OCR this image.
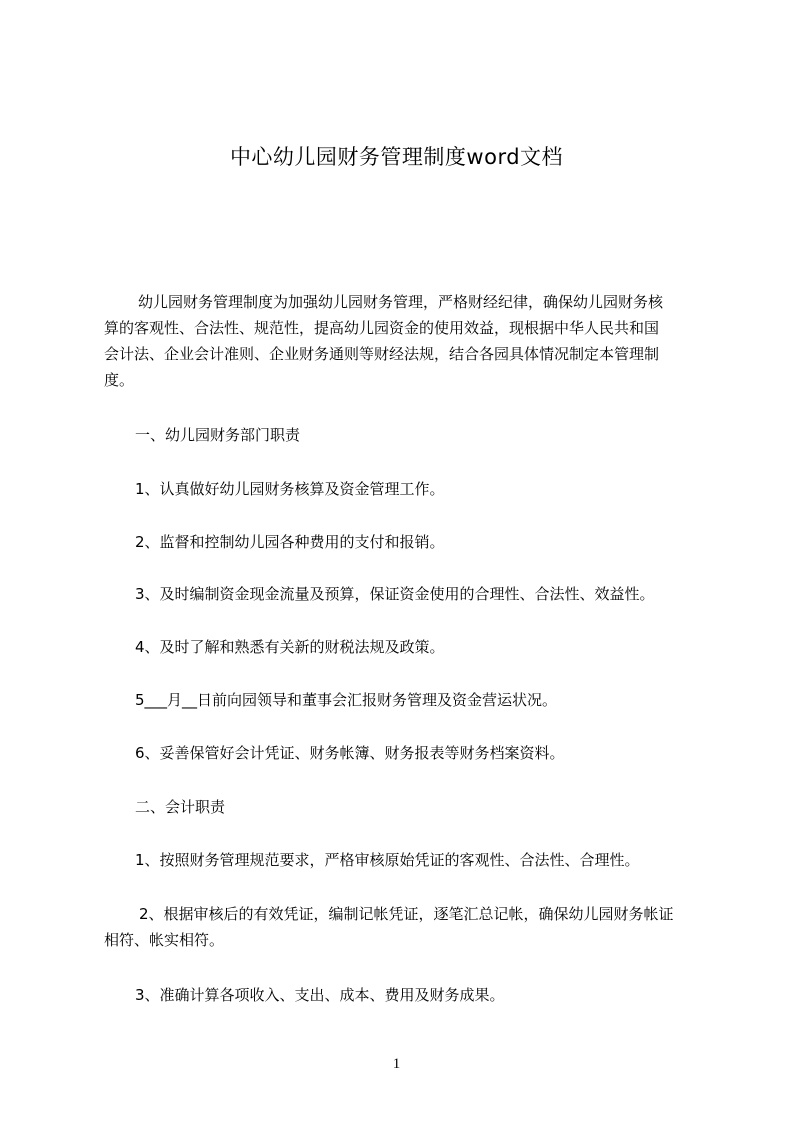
中心幼儿园财务管理制度word文档
幼儿园财务管理制度为加强幼儿园财务管理，严格财经纪律，确保幼儿园财务核
算的客观性、合法性、规范性，提高幼儿园资金的使用效益，现根据中华人民共和国
会计法、企业会计准则、企业财务通则等财经法规，结合各园具体情况制定本管理制
度。
一、幼儿园财务部门职责
1、认真做好幼儿园财务核算及资金管理工作。
2、监督和控制幼儿园各种费用的支付和报销。
3、及时编制资金现金流量及预算，保证资金使用的合理性、合法性、效益性。
4、及时了解和熟悉有关新的财税法规及政策。
5___月__日前向园领导和董事会汇报财务管理及资金营运状况。
6、妥善保管好会计凭证、财务帐簿、财务报表等财务档案资料。
二、会计职责
1、按照财务管理规范要求，严格审核原始凭证的客观性、合法性、合理性。
2、根据审核后的有效凭证，编制记帐凭证，逐笔汇总记帐，确保幼儿园财务帐证
相符、帐实相符。
3、准确计算各项收入、支出、成本、费用及财务成果。
1
